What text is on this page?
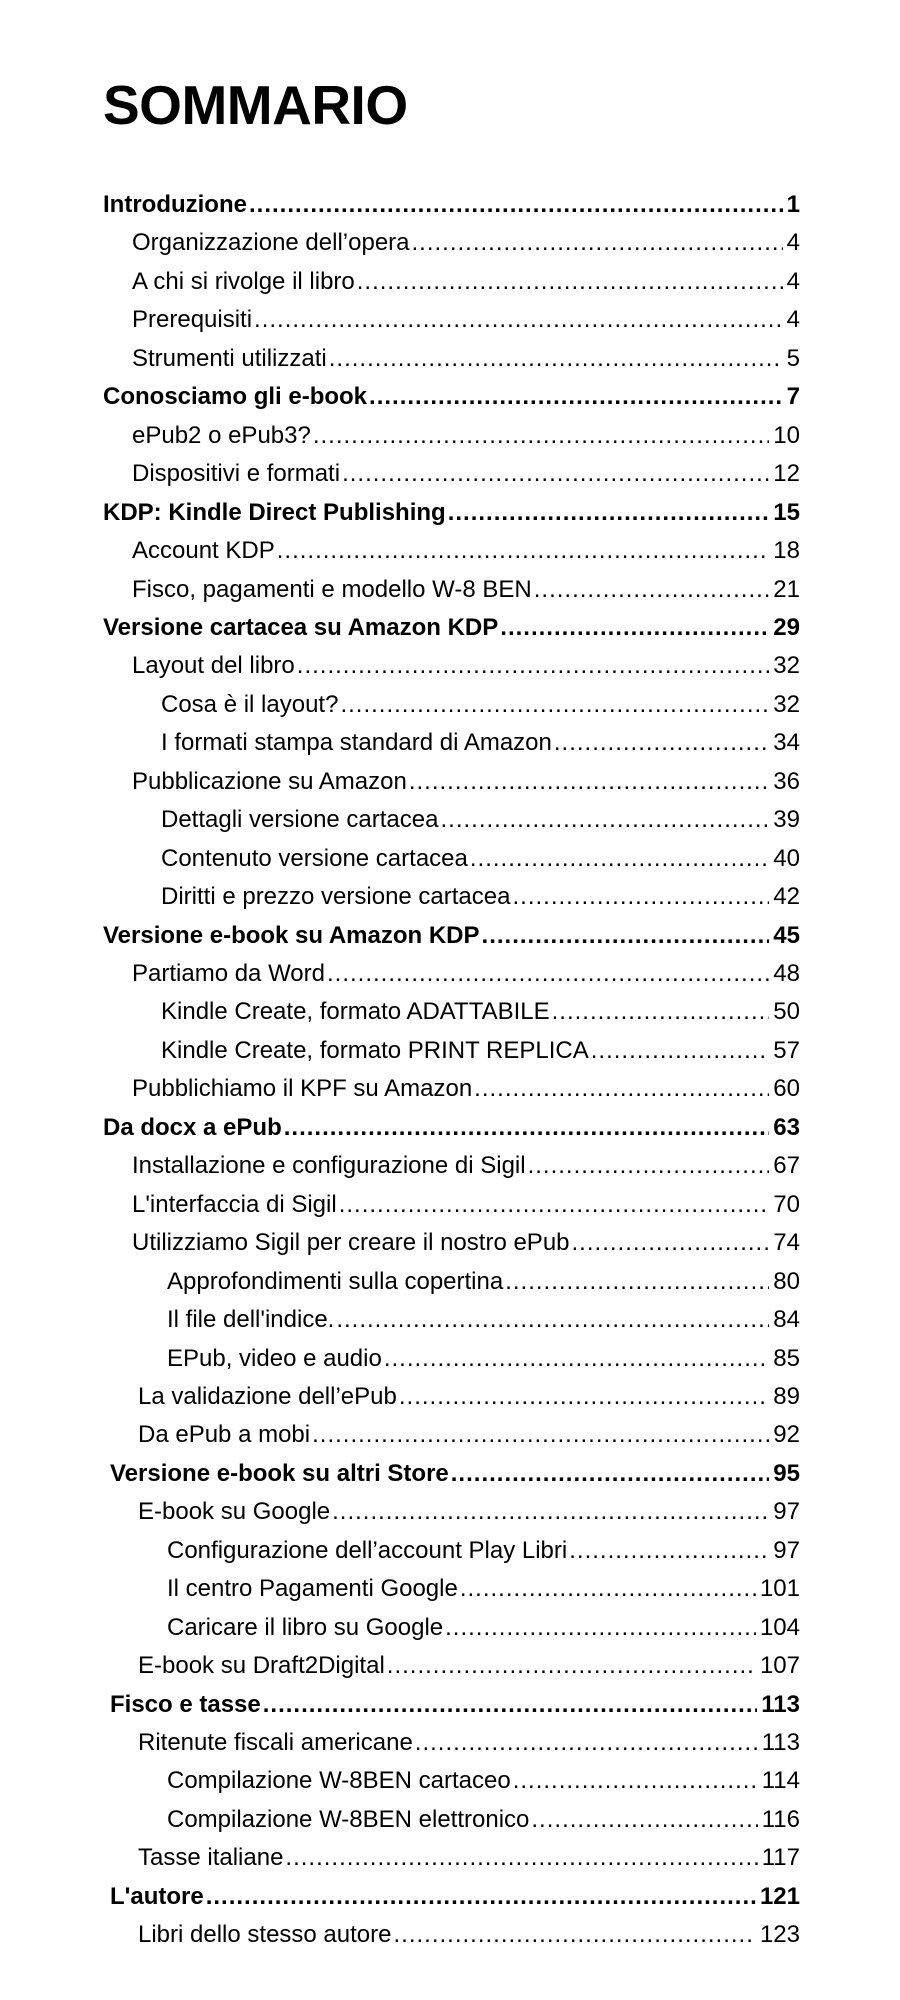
SOMMARIO
Introduzione .....	1
Organizzazione dell’opera .....	4
A chi si rivolge il libro .....	4
Prerequisiti .....	4
Strumenti utilizzati .....	5
Conosciamo gli e-book .....	7
ePub2 o ePub3? .....	10
Dispositivi e formati .....	12
KDP: Kindle Direct Publishing .....	15
Account KDP .....	18
Fisco, pagamenti e modello W-8 BEN .....	21
Versione cartacea su Amazon KDP .....	29
Layout del libro .....	32
Cosa è il layout? .....	32
I formati stampa standard di Amazon .....	34
Pubblicazione su Amazon .....	36
Dettagli versione cartacea .....	39
Contenuto versione cartacea .....	40
Diritti e prezzo versione cartacea .....	42
Versione e-book su Amazon KDP .....	45
Partiamo da Word .....	48
Kindle Create, formato ADATTABILE .....	50
Kindle Create, formato PRINT REPLICA .....	57
Pubblichiamo il KPF su Amazon .....	60
Da docx a ePub .....	63
Installazione e configurazione di Sigil .....	67
L'interfaccia di Sigil .....	70
Utilizziamo Sigil per creare il nostro ePub .....	74
Approfondimenti sulla copertina .....	80
Il file dell'indice. .....	84
EPub, video e audio .....	85
La validazione dell’ePub .....	89
Da ePub a mobi .....	92
Versione e-book su altri Store .....	95
E-book su Google .....	97
Configurazione dell’account Play Libri .....	97
Il centro Pagamenti Google .....	101
Caricare il libro su Google .....	104
E-book su Draft2Digital .....	107
Fisco e tasse .....	113
Ritenute fiscali americane .....	113
Compilazione W-8BEN cartaceo .....	114
Compilazione W-8BEN elettronico .....	116
Tasse italiane .....	117
L'autore .....	121
Libri dello stesso autore .....	123
